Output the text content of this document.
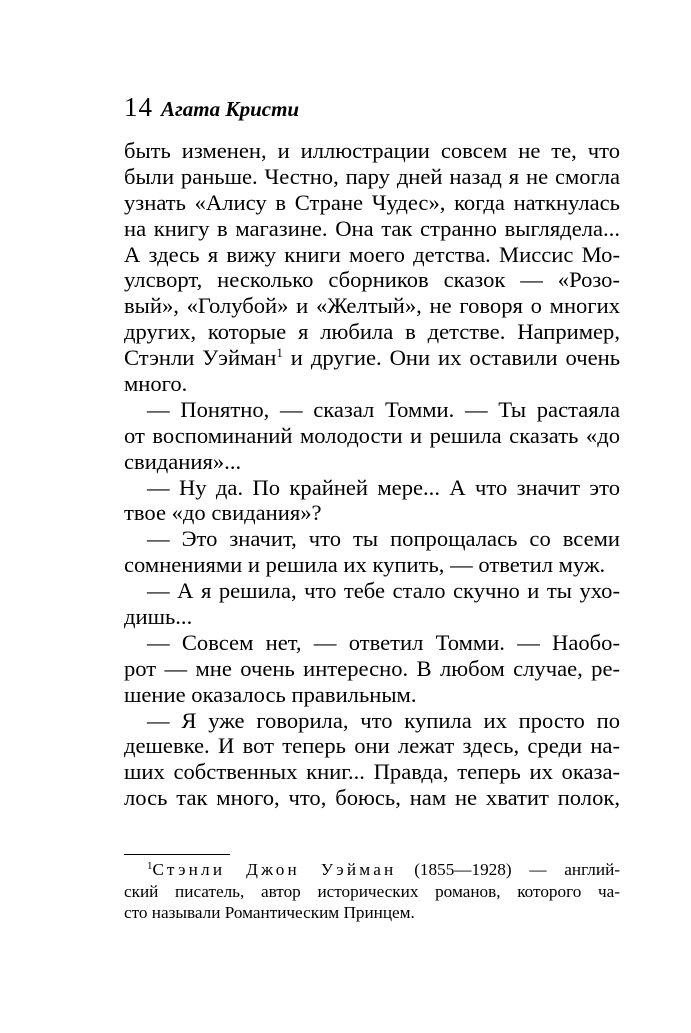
14 Агата Кристи
быть изменен, и иллюстрации совсем не те, что
были раньше. Честно, пару дней назад я не смогла
узнать «Алису в Стране Чудес», когда наткнулась
на книгу в магазине. Она так странно выглядела...
А здесь я вижу книги моего детства. Миссис Мо-
улсворт, несколько сборников сказок — «Розо-
вый», «Голубой» и «Желтый», не говоря о многих
других, которые я любила в детстве. Например,
Стэнли Уэйман$^1$ и другие. Они их оставили очень
много.
— Понятно, — сказал Томми. — Ты растаяла
от воспоминаний молодости и решила сказать «до
свидания»...
— Ну да. По крайней мере... А что значит это
твое «до свидания»?
— Это значит, что ты попрощалась со всеми
сомнениями и решила их купить, — ответил муж.
— А я решила, что тебе стало скучно и ты ухо-
дишь...
— Совсем нет, — ответил Томми. — Наобо-
рот — мне очень интересно. В любом случае, ре-
шение оказалось правильным.
— Я уже говорила, что купила их просто по
дешевке. И вот теперь они лежат здесь, среди на-
ших собственных книг... Правда, теперь их оказа-
лось так много, что, боюсь, нам не хватит полок,
$^1$Стэнли Джон Уэйман (1855—1928) — англий-
ский писатель, автор исторических романов, которого ча-
сто называли Романтическим Принцем.
